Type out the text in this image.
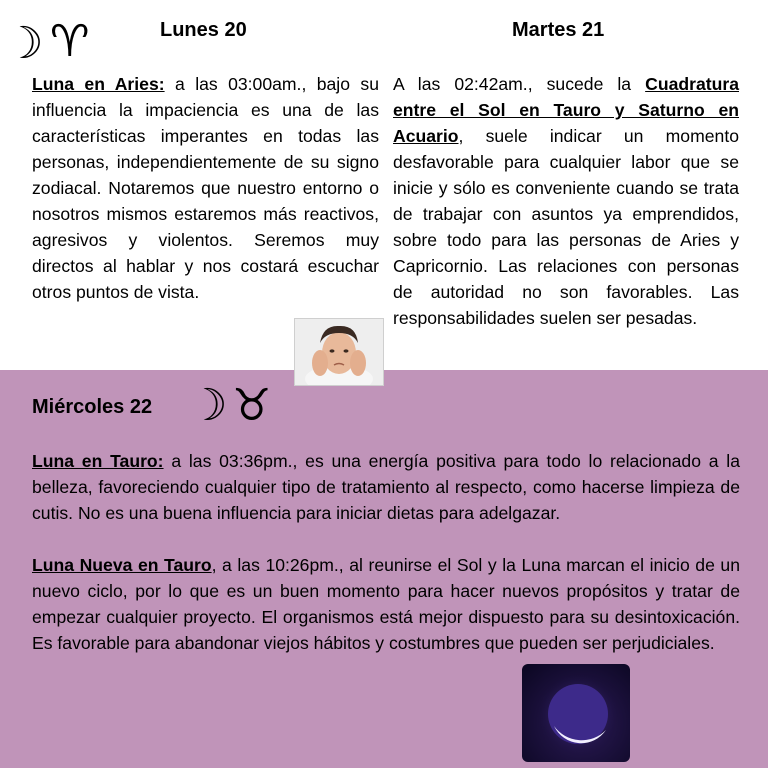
☽ ♈︎	Lunes 20
Luna en Aries: a las 03:00am., bajo su influencia la impaciencia es una de las características imperantes en todas las personas, independientemente de su signo zodiacal. Notaremos que nuestro entorno o nosotros mismos estaremos más reactivos, agresivos y violentos. Seremos muy directos al hablar y nos costará escuchar otros puntos de vista.
Martes 21
A las 02:42am., sucede la Cuadratura entre el Sol en Tauro y Saturno en Acuario, suele indicar un momento desfavorable para cualquier labor que se inicie y sólo es conveniente cuando se trata de trabajar con asuntos ya emprendidos, sobre todo para las personas de Aries y Capricornio. Las relaciones con personas de autoridad no son favorables. Las responsabilidades suelen ser pesadas.
Miércoles 22 ☽ ♉︎
Luna en Tauro: a las 03:36pm., es una energía positiva para todo lo relacionado a la belleza, favoreciendo cualquier tipo de tratamiento al respecto, como hacerse limpieza de cutis. No es una buena influencia para iniciar dietas para adelgazar.
Luna Nueva en Tauro, a las 10:26pm., al reunirse el Sol y la Luna marcan el inicio de un nuevo ciclo, por lo que es un buen momento para hacer nuevos propósitos y tratar de empezar cualquier proyecto. El organismos está mejor dispuesto para su desintoxicación. Es favorable para abandonar viejos hábitos y costumbres que pueden ser perjudiciales.
